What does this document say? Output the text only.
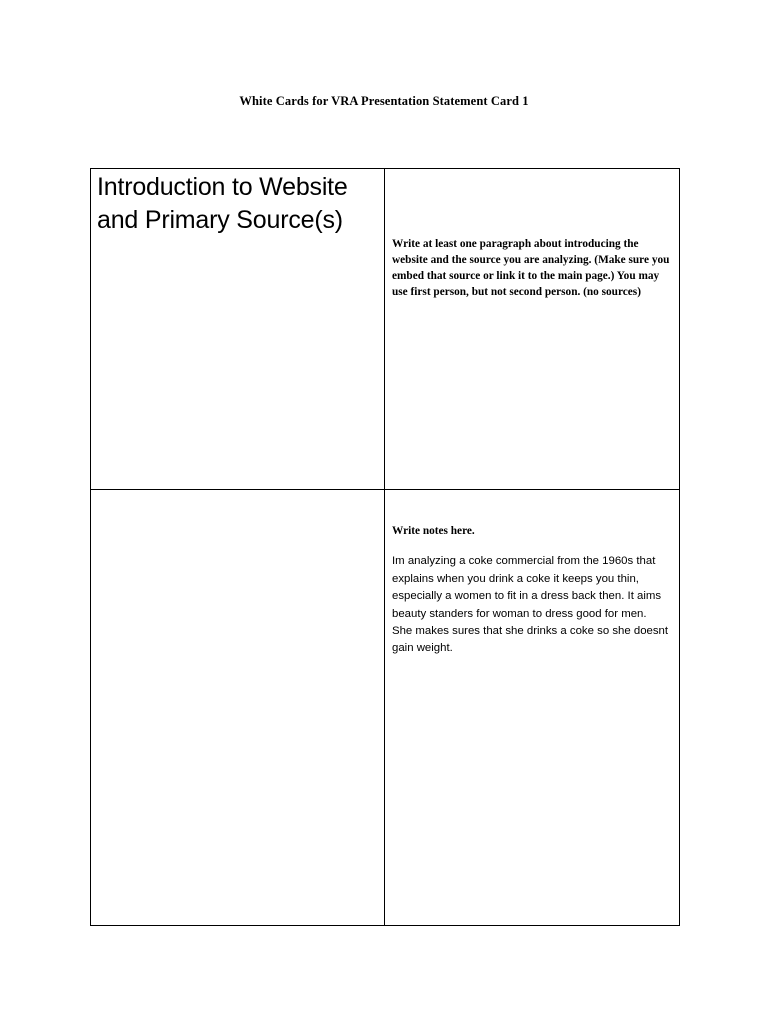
White Cards for VRA Presentation Statement Card 1
Introduction to Website and Primary Source(s)	Write at least one paragraph about introducing the website and the source you are analyzing. (Make sure you embed that source or link it to the main page.) You may use first person, but not second person. (no sources)

	Write notes here.
Im analyzing a coke commercial from the 1960s that explains when you drink a coke it keeps you thin, especially a women to fit in a dress back then. It aims beauty standers for woman to dress good for men. She makes sures that she drinks a coke so she doesnt gain weight.
